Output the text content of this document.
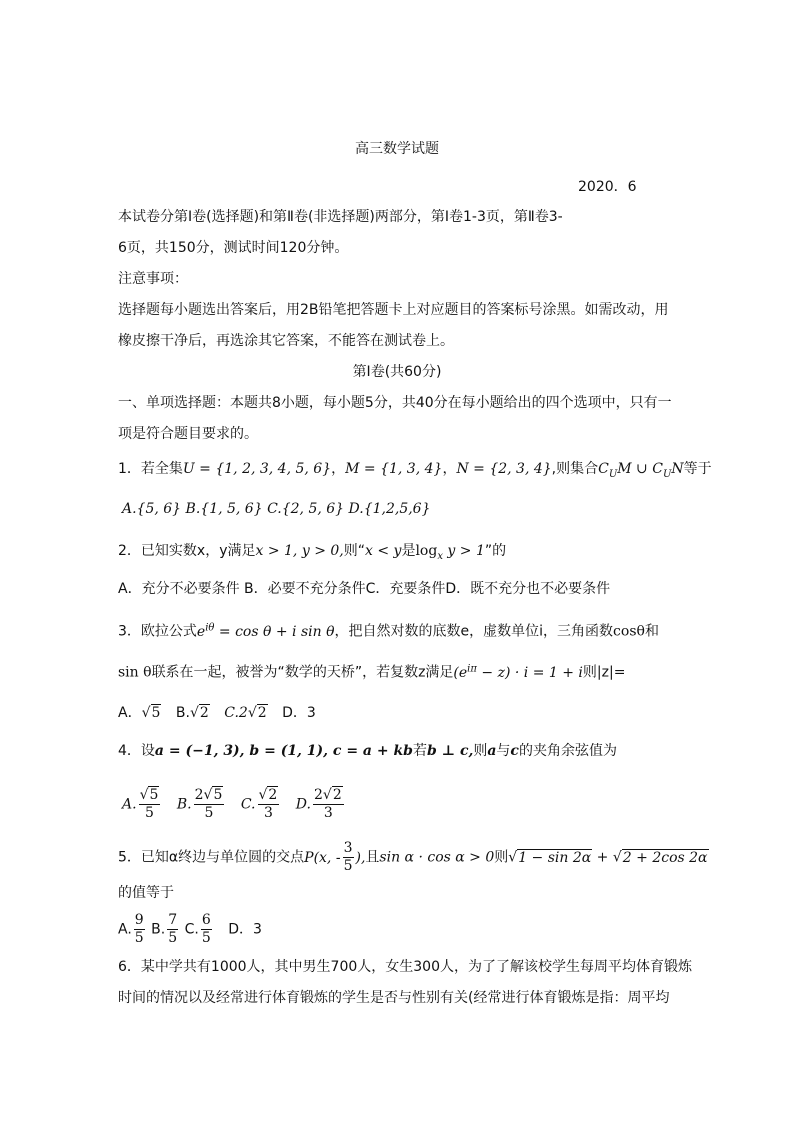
高三数学试题
2020．6
本试卷分第Ⅰ卷(选择题)和第Ⅱ卷(非选择题)两部分，第Ⅰ卷1-3页，第Ⅱ卷3-
6页，共150分，测试时间120分钟。
注意事项：
选择题每小题选出答案后，用2B铅笔把答题卡上对应题目的答案标号涂黑。如需改动，用
橡皮擦干净后，再选涂其它答案，不能答在测试卷上。
第Ⅰ卷(共60分)
一、单项选择题：本题共8小题，每小题5分，共40分在每小题给出的四个选项中，只有一
项是符合题目要求的。
1．若全集U = {1, 2, 3, 4, 5, 6}，M = {1, 3, 4}，N = {2, 3, 4},则集合$C_UM$ ∪ $C_UN$等于
A.{5, 6} B.{1, 5, 6} C.{2, 5, 6} D.{1,2,5,6}
2．已知实数x，y满足x > 1, y > 0,则“x < y是$\log_x y > 1$”的
A．充分不必要条件 B．必要不充分条件C．充要条件D．既不充分也不必要条件
3．欧拉公式$e^{i\theta} = \cos \theta + i$ sin θ，把自然对数的底数e，虚数单位i，三角函数cosθ和
sin θ联系在一起，被誉为“数学的天桥”，若复数z满足$(e^{i\pi} - z) \cdot i = 1 + i$则|z|=
A．√5 B.√2 C.2√2 D．3
4．设a = (−1, 3), b = (1, 1), c = a + kb若b ⊥ c,则a与c的夹角余弦值为
A. $\frac{√5}{5} B$. $\frac{2√5}{5} C$. $\frac{√2}{3} D$. $\frac{2√2}{3}$
5．已知α终边与单位圆的交点P(x, - $\frac{3}{5}$ ),且sin α · cos α > 0则√1 − sin 2α + √2 + 2cos 2α
的值等于
A. $\frac{9}{5} B$. $\frac{7}{5} C$. $\frac{6}{5}$ D．3
6．某中学共有1000人，其中男生700人，女生300人，为了了解该校学生每周平均体育锻炼
时间的情况以及经常进行体育锻炼的学生是否与性别有关(经常进行体育锻炼是指：周平均
